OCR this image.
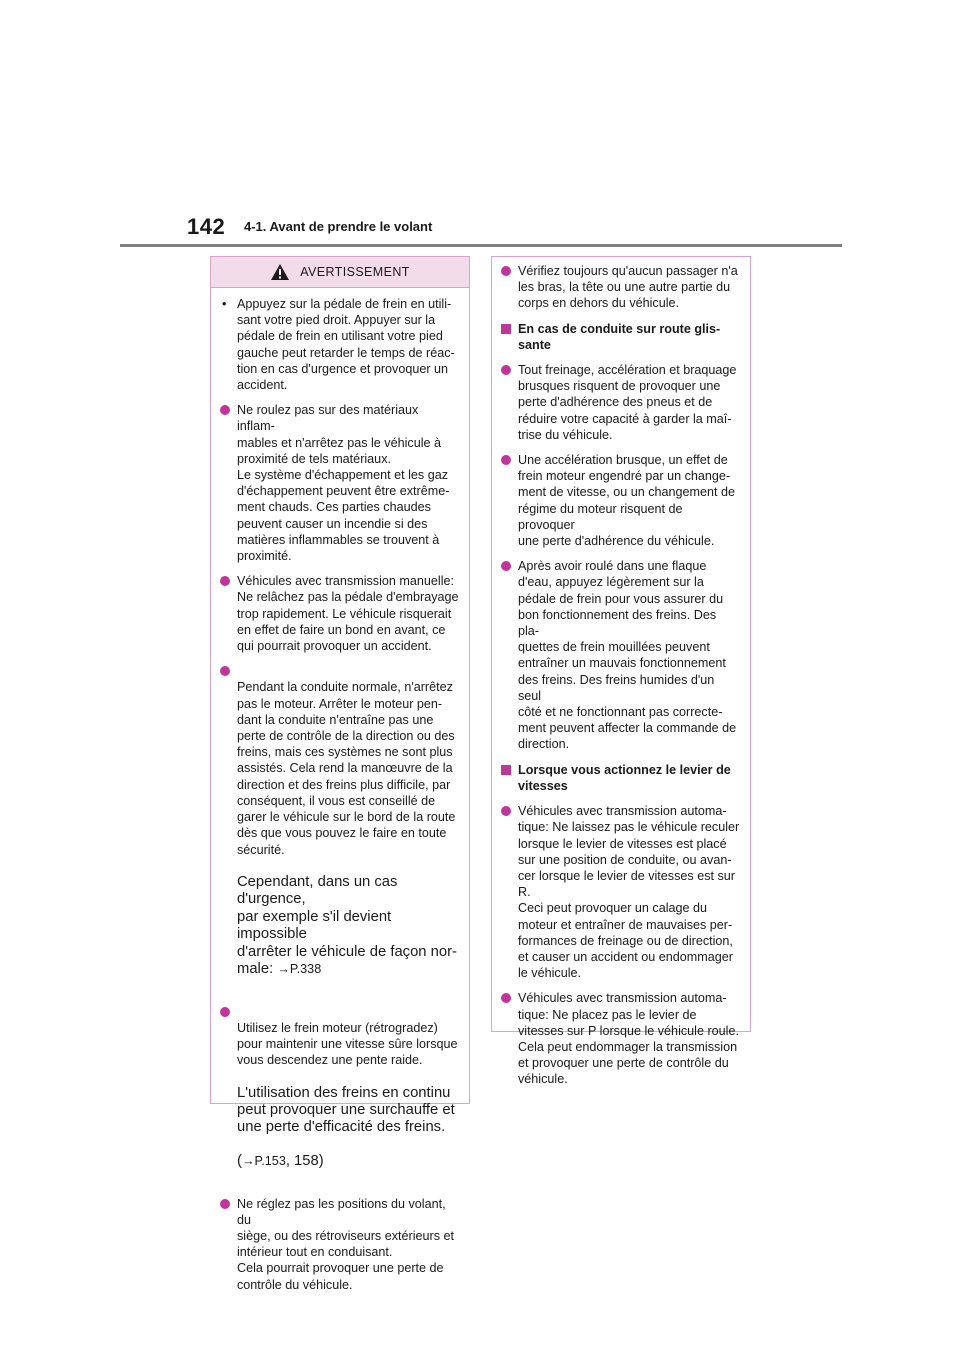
142 4-1. Avant de prendre le volant
AVERTISSEMENT
• Appuyez sur la pédale de frein en utili-
sant votre pied droit. Appuyer sur la
pédale de frein en utilisant votre pied
gauche peut retarder le temps de réac-
tion en cas d'urgence et provoquer un
accident.
Ne roulez pas sur des matériaux inflam-
mables et n'arrêtez pas le véhicule à
proximité de tels matériaux.
Le système d'échappement et les gaz
d'échappement peuvent être extrême-
ment chauds. Ces parties chaudes
peuvent causer un incendie si des
matières inflammables se trouvent à
proximité.
Véhicules avec transmission manuelle:
Ne relâchez pas la pédale d'embrayage
trop rapidement. Le véhicule risquerait
en effet de faire un bond en avant, ce
qui pourrait provoquer un accident.

Pendant la conduite normale, n'arrêtez
pas le moteur. Arrêter le moteur pen-
dant la conduite n'entraîne pas une
perte de contrôle de la direction ou des
freins, mais ces systèmes ne sont plus
assistés. Cela rend la manœuvre de la
direction et des freins plus difficile, par
conséquent, il vous est conseillé de
garer le véhicule sur le bord de la route
dès que vous pouvez le faire en toute
sécurité.

Cependant, dans un cas d'urgence,
par exemple s'il devient impossible
d'arrêter le véhicule de façon nor-
male: →P.338

Utilisez le frein moteur (rétrogradez)
pour maintenir une vitesse sûre lorsque
vous descendez une pente raide.

L'utilisation des freins en continu
peut provoquer une surchauffe et
une perte d'efficacité des freins.

(→P.153, 158)

Ne réglez pas les positions du volant, du
siège, ou des rétroviseurs extérieurs et
intérieur tout en conduisant.
Cela pourrait provoquer une perte de
contrôle du véhicule.
Vérifiez toujours qu'aucun passager n'a
les bras, la tête ou une autre partie du
corps en dehors du véhicule.
En cas de conduite sur route glis-
sante
Tout freinage, accélération et braquage
brusques risquent de provoquer une
perte d'adhérence des pneus et de
réduire votre capacité à garder la maî-
trise du véhicule.
Une accélération brusque, un effet de
frein moteur engendré par un change-
ment de vitesse, ou un changement de
régime du moteur risquent de provoquer
une perte d'adhérence du véhicule.
Après avoir roulé dans une flaque
d'eau, appuyez légèrement sur la
pédale de frein pour vous assurer du
bon fonctionnement des freins. Des pla-
quettes de frein mouillées peuvent
entraîner un mauvais fonctionnement
des freins. Des freins humides d'un seul
côté et ne fonctionnant pas correcte-
ment peuvent affecter la commande de
direction.
Lorsque vous actionnez le levier de
vitesses
Véhicules avec transmission automa-
tique: Ne laissez pas le véhicule reculer
lorsque le levier de vitesses est placé
sur une position de conduite, ou avan-
cer lorsque le levier de vitesses est sur
R.
Ceci peut provoquer un calage du
moteur et entraîner de mauvaises per-
formances de freinage ou de direction,
et causer un accident ou endommager
le véhicule.
Véhicules avec transmission automa-
tique: Ne placez pas le levier de
vitesses sur P lorsque le véhicule roule.
Cela peut endommager la transmission
et provoquer une perte de contrôle du
véhicule.
